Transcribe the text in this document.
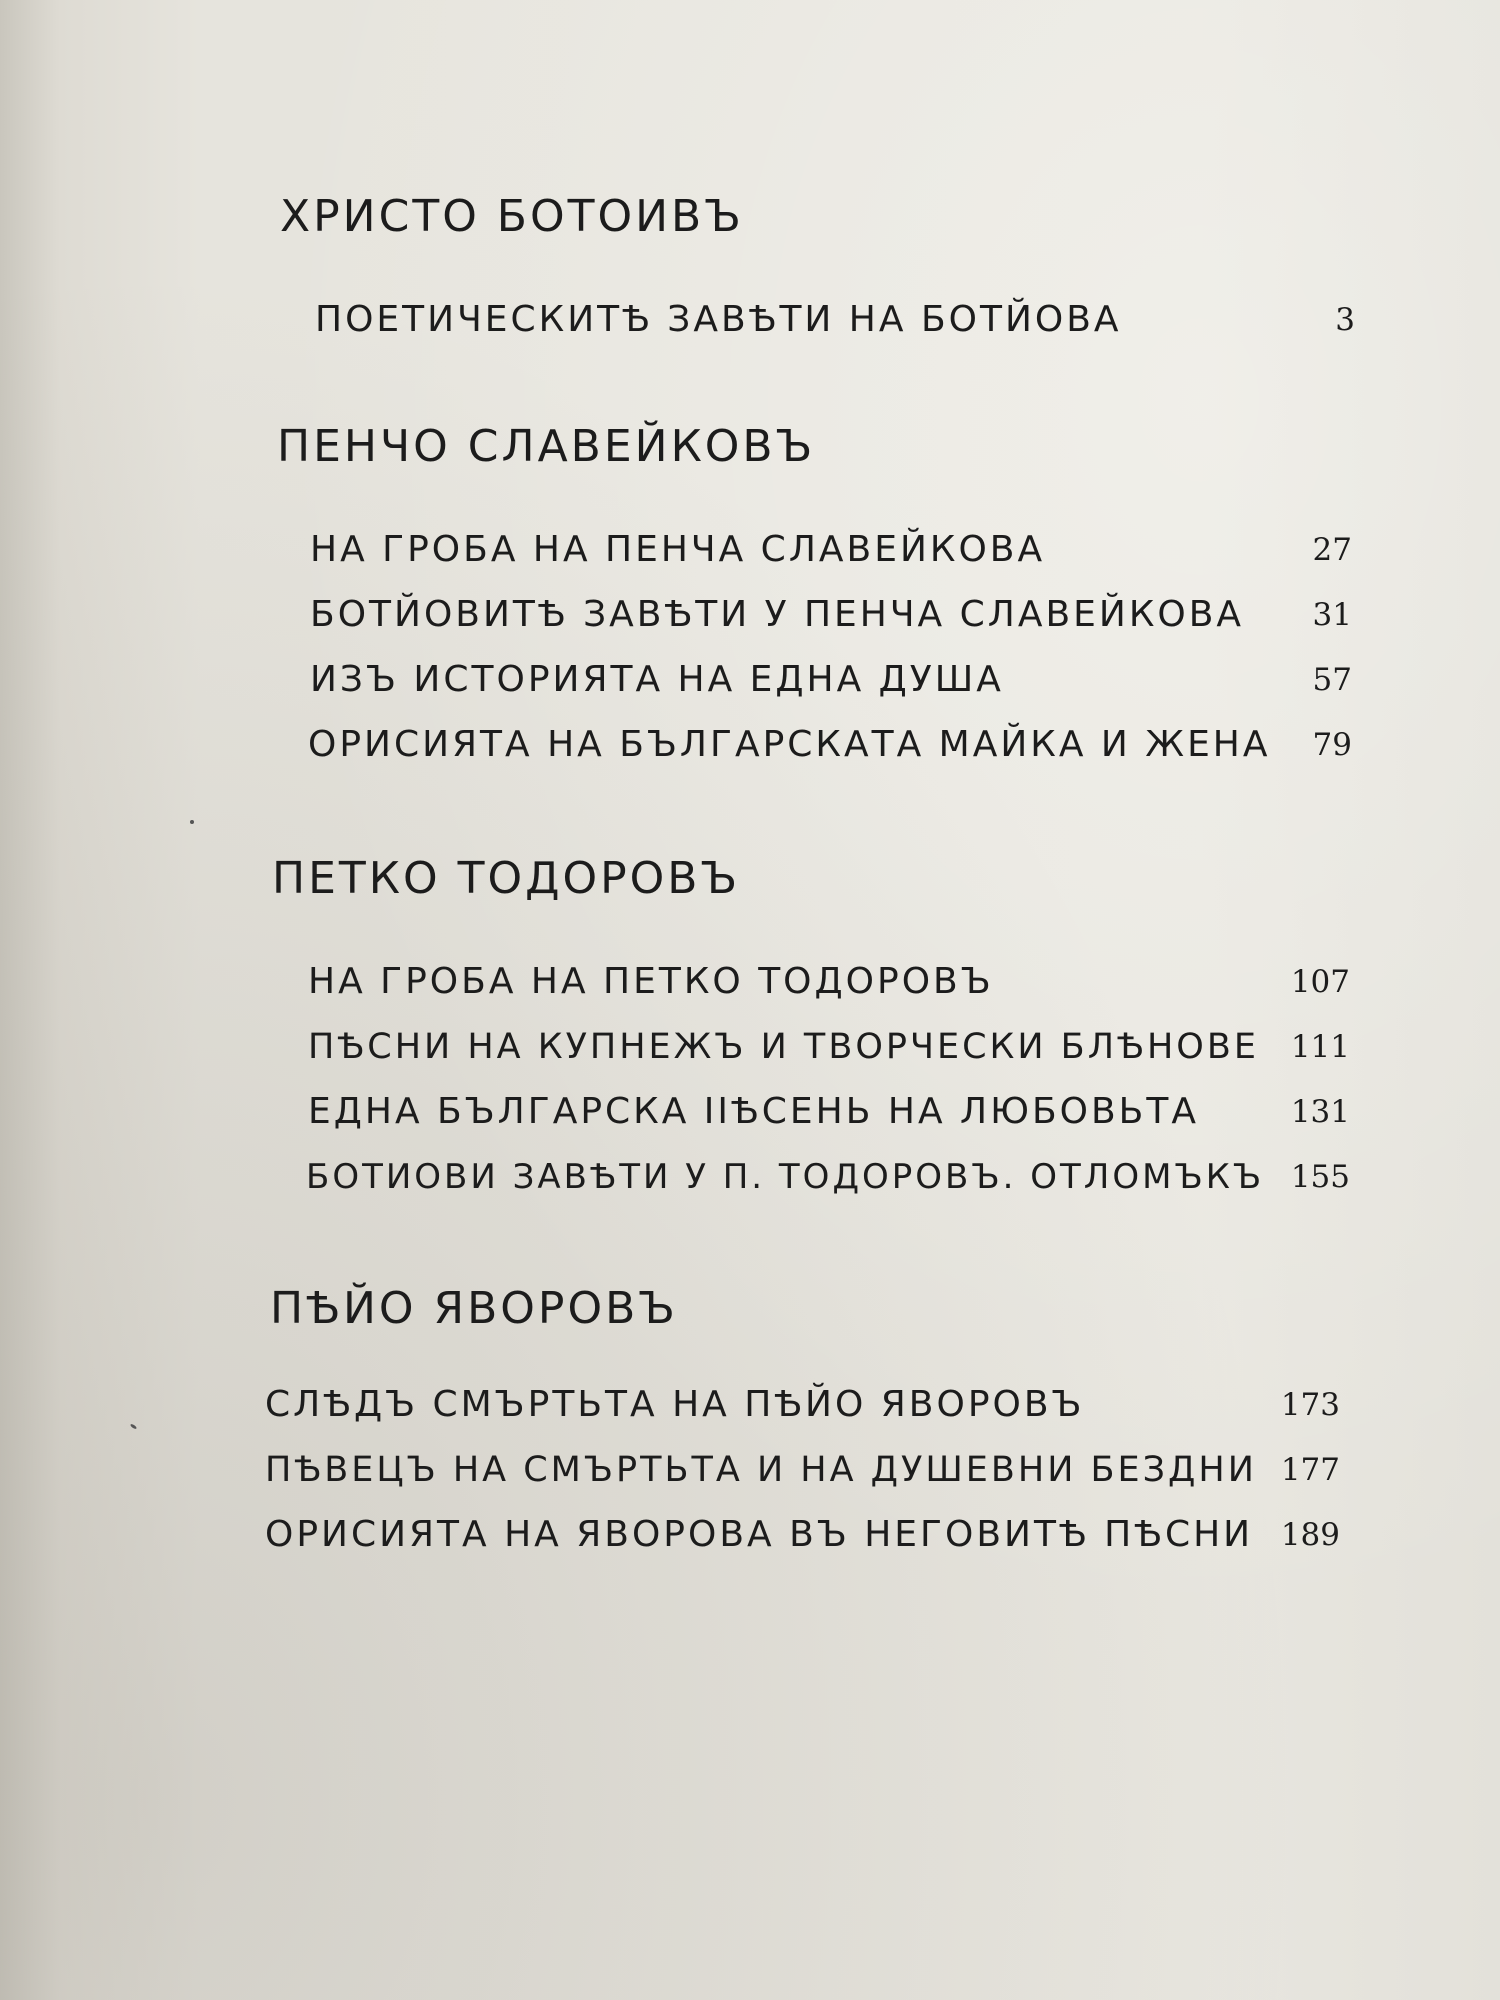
ХРИСТО БОТОИВЪ
ПОЕТИЧЕСКИТѢ ЗАВѢТИ НА БОТЙОВА	3
ПЕНЧО СЛАВЕЙКОВЪ
НА ГРОБА НА ПЕНЧА СЛАВЕЙКОВА	27
БОТЙОВИТѢ ЗАВѢТИ У ПЕНЧА СЛАВЕЙКОВА 31
ИЗЪ ИСТОРИЯТА НА ЕДНА ДУША	57
ОРИСИЯТА НА БЪЛГАРСКАТА МАЙКА И ЖЕНА 79
ПЕТКО ТОДОРОВЪ
НА ГРОБА НА ПЕТКО ТОДОРОВЪ	107
ПѢСНИ НА КУПНЕЖЪ И ТВОРЧЕСКИ БЛѢНОВЕ 111
ЕДНА БЪЛГАРСКА IIѢСЕНЬ НА ЛЮБОВЬТА	131
БОТИОВИ ЗАВѢТИ У П. ТОДОРОВЪ. ОТЛОМЪКЪ 155
ПѢЙО ЯВОРОВЪ
СЛѢДЪ СМЪРТЬТА НА ПѢЙО ЯВОРОВЪ	173
ПѢВЕЦЪ НА СМЪРТЬТА И НА ДУШЕВНИ БЕЗДНИ 177
ОРИСИЯТА НА ЯВОРОВА ВЪ НЕГОВИТѢ ПѢСНИ 189
